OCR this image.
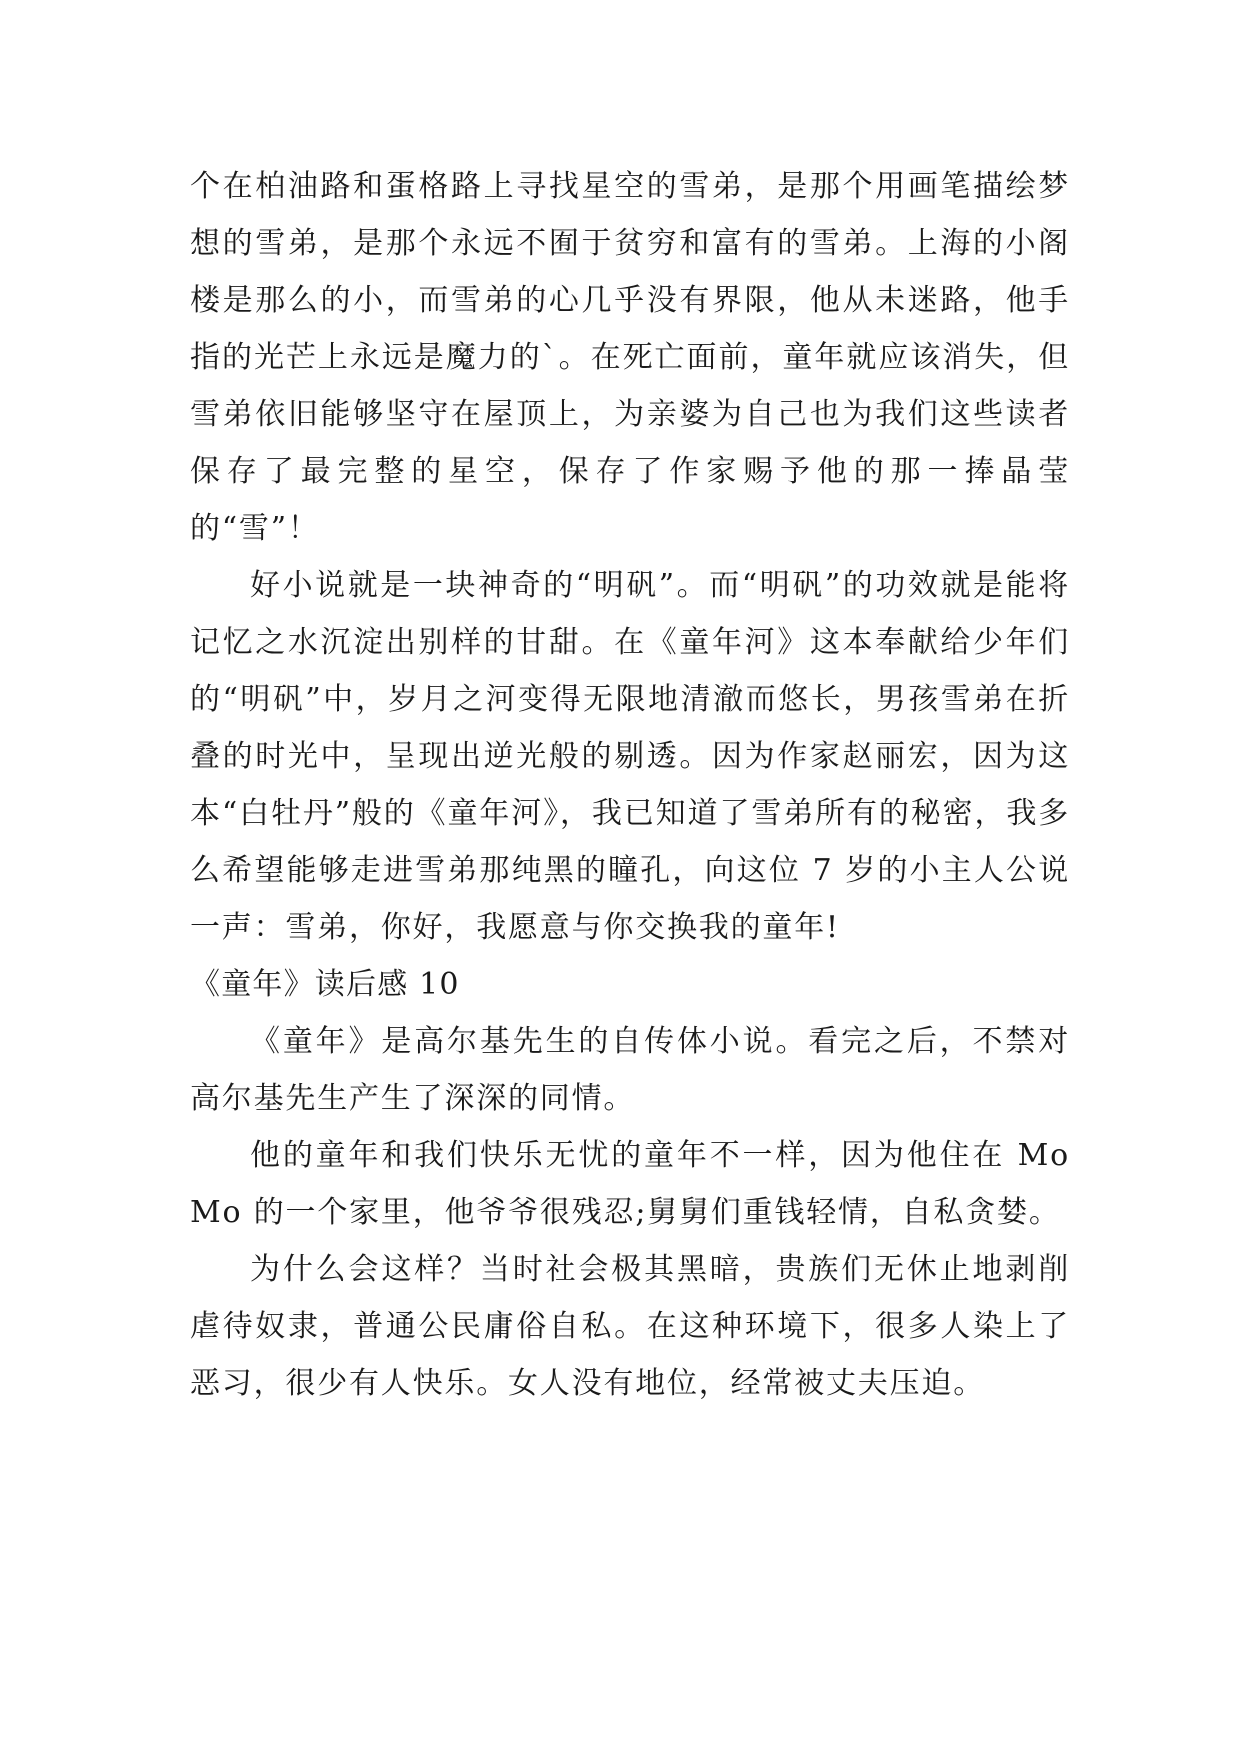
个在柏油路和蛋格路上寻找星空的雪弟，是那个用画笔描绘梦想的雪弟，是那个永远不囿于贫穷和富有的雪弟。上海的小阁楼是那么的小，而雪弟的心几乎没有界限，他从未迷路，他手指的光芒上永远是魔力的`。在死亡面前，童年就应该消失，但雪弟依旧能够坚守在屋顶上，为亲婆为自己也为我们这些读者保存了最完整的星空，保存了作家赐予他的那一捧晶莹的“雪”！

好小说就是一块神奇的“明矾”。而“明矾”的功效就是能将记忆之水沉淀出别样的甘甜。在《童年河》这本奉献给少年们的“明矾”中，岁月之河变得无限地清澈而悠长，男孩雪弟在折叠的时光中，呈现出逆光般的剔透。因为作家赵丽宏，因为这本“白牡丹”般的《童年河》，我已知道了雪弟所有的秘密，我多么希望能够走进雪弟那纯黑的瞳孔，向这位 7 岁的小主人公说一声：雪弟，你好，我愿意与你交换我的童年!

《童年》读后感 10

《童年》是高尔基先生的自传体小说。看完之后，不禁对高尔基先生产生了深深的同情。

他的童年和我们快乐无忧的童年不一样，因为他住在 MoMo 的一个家里，他爷爷很残忍;舅舅们重钱轻情，自私贪婪。

为什么会这样？当时社会极其黑暗，贵族们无休止地剥削虐待奴隶，普通公民庸俗自私。在这种环境下，很多人染上了恶习，很少有人快乐。女人没有地位，经常被丈夫压迫。
